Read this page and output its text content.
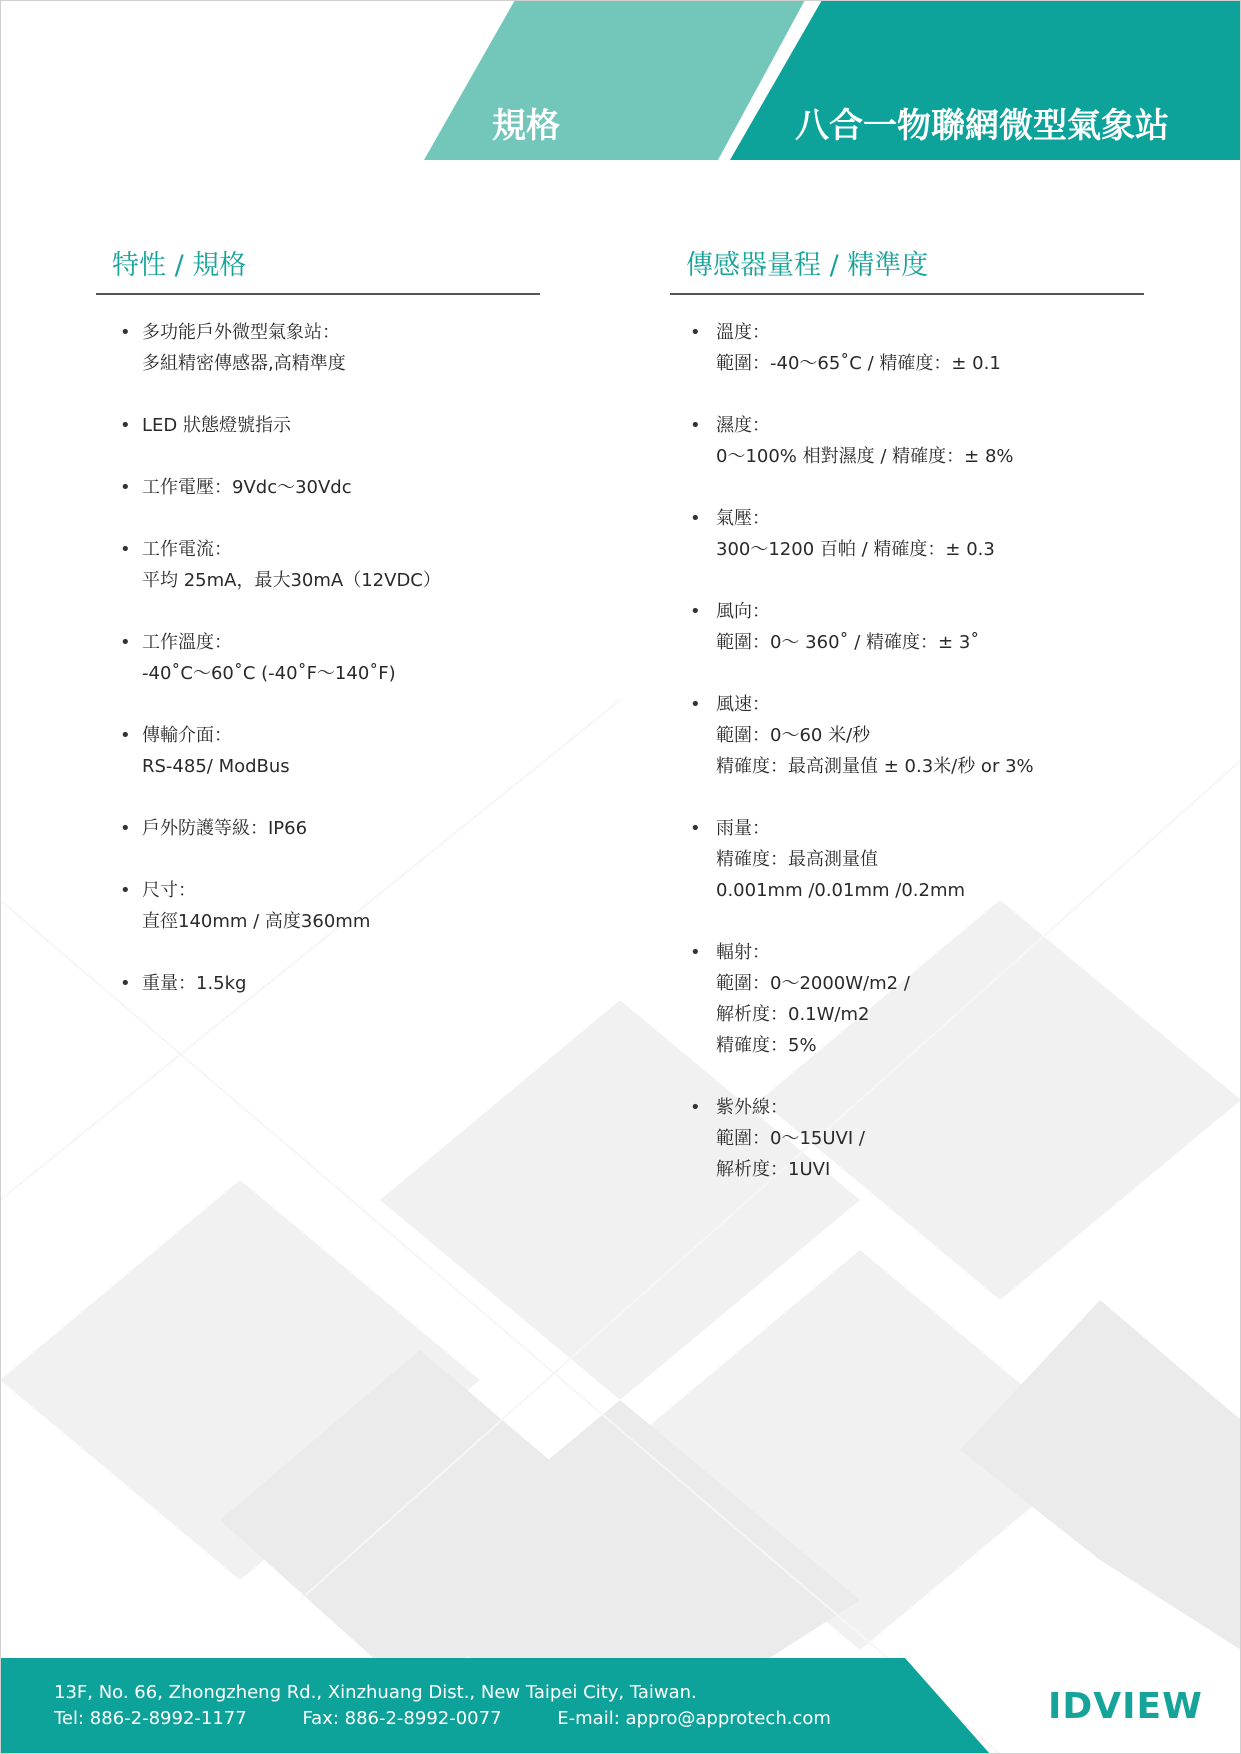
規格	八合一物聯網微型氣象站
特性 / 規格
• 多功能戶外微型氣象站：
多組精密傳感器,高精準度
• LED 狀態燈號指示
• 工作電壓：9Vdc～30Vdc
• 工作電流：
平均 25mA，最大30mA（12VDC）
• 工作溫度：
-40˚C～60˚C (-40˚F～140˚F)
• 傳輸介面：
RS-485/ ModBus
• 戶外防護等級：IP66
• 尺寸：
直徑140mm / 高度360mm
• 重量：1.5kg
傳感器量程 / 精準度
• 溫度：
範圍：-40～65˚C / 精確度：± 0.1
• 濕度：
0～100% 相對濕度 / 精確度：± 8%
• 氣壓：
300～1200 百帕 / 精確度：± 0.3
• 風向：
範圍：0～ 360˚ / 精確度：± 3˚
• 風速：
範圍：0～60 米/秒
精確度：最高測量值 ± 0.3米/秒 or 3%
• 雨量：
精確度：最高測量值
0.001mm /0.01mm /0.2mm
• 輻射：
範圍：0～2000W/m2 /
解析度：0.1W/m2
精確度：5%
• 紫外線：
範圍：0～15UVI /
解析度：1UVI
13F, No. 66, Zhongzheng Rd., Xinzhuang Dist., New Taipei City, Taiwan.
Tel: 886-2-8992-1177	Fax: 886-2-8992-0077	E-mail: appro@approtech.com	IDVIEW
